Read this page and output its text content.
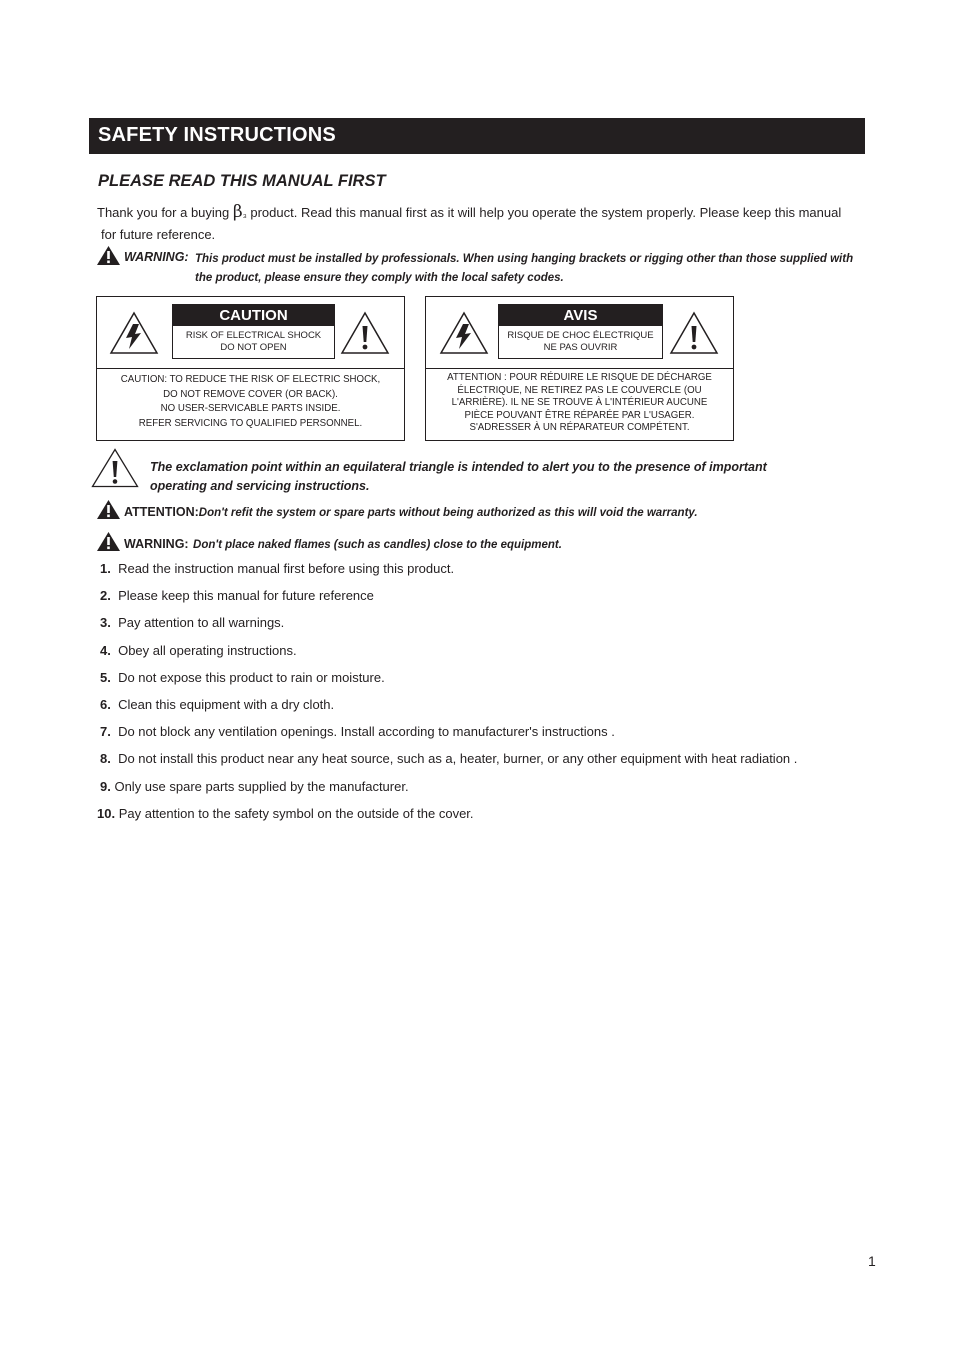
SAFETY INSTRUCTIONS
PLEASE READ THIS MANUAL FIRST
Thank you for a buying β₃ product. Read this manual first as it will help you operate the system properly. Please keep this manual
for future reference.
WARNING: This product must be installed by professionals. When using hanging brackets or rigging other than those supplied with
the product, please ensure they comply with the local safety codes.
CAUTION
RISK OF ELECTRICAL SHOCK
DO NOT OPEN
CAUTION: TO REDUCE THE RISK OF ELECTRIC SHOCK,
DO NOT REMOVE COVER (OR BACK).
NO USER-SERVICABLE PARTS INSIDE.
REFER SERVICING TO QUALIFIED PERSONNEL.
AVIS
RISQUE DE CHOC ÉLECTRIQUE
NE PAS OUVRIR
ATTENTION : POUR RÉDUIRE LE RISQUE DE DÉCHARGE
ÉLECTRIQUE, NE RETIREZ PAS LE COUVERCLE (OU
L'ARRIÈRE). IL NE SE TROUVE À L'INTÉRIEUR AUCUNE
PIÈCE POUVANT ÊTRE RÉPARÉE PAR L'USAGER.
S'ADRESSER À UN RÉPARATEUR COMPÉTENT.
The exclamation point within an equilateral triangle is intended to alert you to the presence of important
operating and servicing instructions.
ATTENTION:Don't refit the system or spare parts without being authorized as this will void the warranty.
WARNING: Don't place naked flames (such as candles) close to the equipment.
1. Read the instruction manual first before using this product.
2. Please keep this manual for future reference
3. Pay attention to all warnings.
4. Obey all operating instructions.
5. Do not expose this product to rain or moisture.
6. Clean this equipment with a dry cloth.
7. Do not block any ventilation openings. Install according to manufacturer's instructions .
8. Do not install this product near any heat source, such as a, heater, burner, or any other equipment with heat radiation .
9. Only use spare parts supplied by the manufacturer.
10. Pay attention to the safety symbol on the outside of the cover.
1
